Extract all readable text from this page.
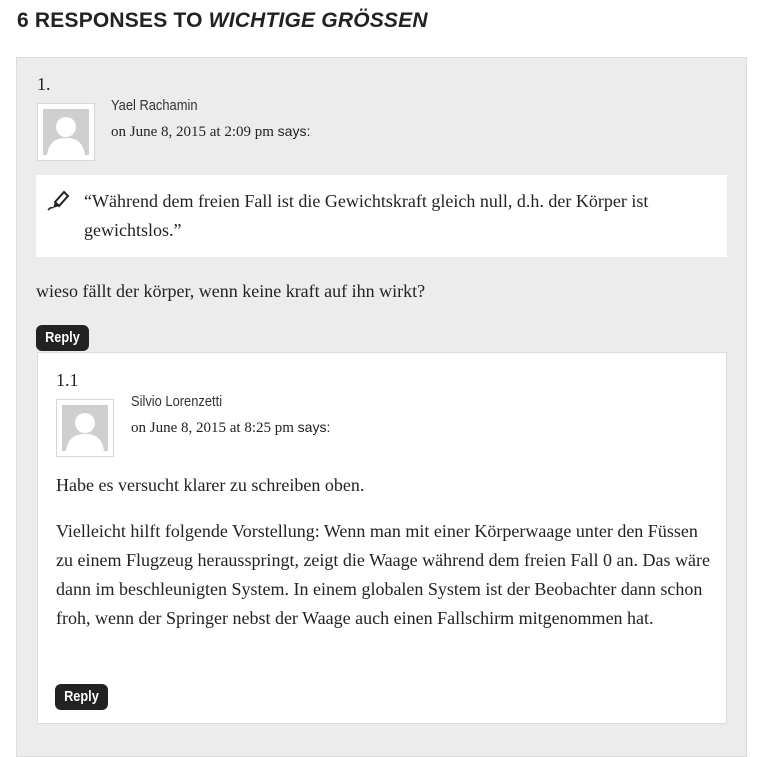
6 RESPONSES TO WICHTIGE GRÖSSEN
1.
Yael Rachamin
on June 8, 2015 at 2:09 pm says:
“Während dem freien Fall ist die Gewichtskraft gleich null, d.h. der Körper ist gewichtslos.”
wieso fällt der körper, wenn keine kraft auf ihn wirkt?
Reply
1.1
Silvio Lorenzetti
on June 8, 2015 at 8:25 pm says:
Habe es versucht klarer zu schreiben oben.
Vielleicht hilft folgende Vorstellung: Wenn man mit einer Körperwaage unter den Füssen zu einem Flugzeug herausspringt, zeigt die Waage während dem freien Fall 0 an. Das wäre dann im beschleunigten System. In einem globalen System ist der Beobachter dann schon froh, wenn der Springer nebst der Waage auch einen Fallschirm mitgenommen hat.
Reply
